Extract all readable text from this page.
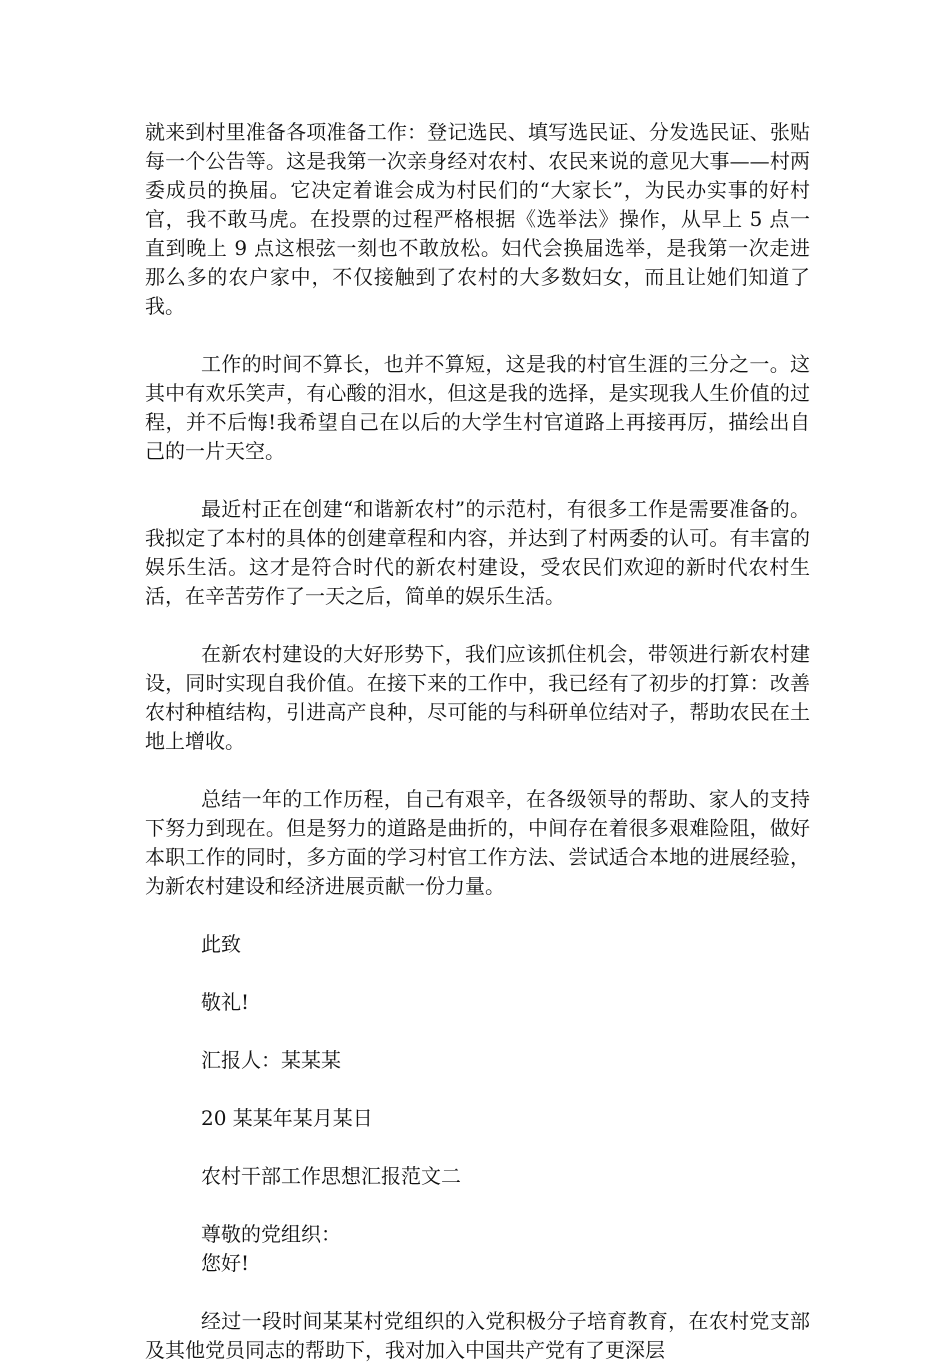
就来到村里准备各项准备工作：登记选民、填写选民证、分发选民证、张贴每一个公告等。这是我第一次亲身经对农村、农民来说的意见大事——村两委成员的换届。它决定着谁会成为村民们的“大家长”，为民办实事的好村官，我不敢马虎。在投票的过程严格根据《选举法》操作，从早上 5 点一直到晚上 9 点这根弦一刻也不敢放松。妇代会换届选举，是我第一次走进那么多的农户家中，不仅接触到了农村的大多数妇女，而且让她们知道了我。

工作的时间不算长，也并不算短，这是我的村官生涯的三分之一。这其中有欢乐笑声，有心酸的泪水，但这是我的选择，是实现我人生价值的过程，并不后悔!我希望自己在以后的大学生村官道路上再接再厉，描绘出自己的一片天空。

最近村正在创建“和谐新农村”的示范村，有很多工作是需要准备的。我拟定了本村的具体的创建章程和内容，并达到了村两委的认可。有丰富的娱乐生活。这才是符合时代的新农村建设，受农民们欢迎的新时代农村生活，在辛苦劳作了一天之后，简单的娱乐生活。

在新农村建设的大好形势下，我们应该抓住机会，带领进行新农村建设，同时实现自我价值。在接下来的工作中，我已经有了初步的打算：改善农村种植结构，引进高产良种，尽可能的与科研单位结对子，帮助农民在土地上增收。

总结一年的工作历程，自己有艰辛，在各级领导的帮助、家人的支持下努力到现在。但是努力的道路是曲折的，中间存在着很多艰难险阻，做好本职工作的同时，多方面的学习村官工作方法、尝试适合本地的进展经验，为新农村建设和经济进展贡献一份力量。

此致

敬礼!

汇报人：某某某

20 某某年某月某日

农村干部工作思想汇报范文二

尊敬的党组织：

您好!

经过一段时间某某村党组织的入党积极分子培育教育，在农村党支部及其他党员同志的帮助下，我对加入中国共产党有了更深层
